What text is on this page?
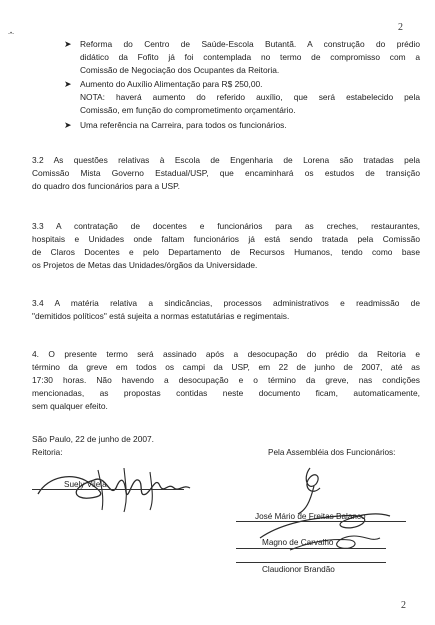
2
-•-
➤ Reforma do Centro de Saúde-Escola Butantã. A construção do prédio
didático da Fofito já foi contemplada no termo de compromisso com a
Comissão de Negociação dos Ocupantes da Reitoria.
➤ Aumento do Auxílio Alimentação para R$ 250,00.
NOTA: haverá aumento do referido auxílio, que será estabelecido pela
Comissão, em função do comprometimento orçamentário.
➤ Uma referência na Carreira, para todos os funcionários.
3.2 As questões relativas à Escola de Engenharia de Lorena são tratadas pela
Comissão Mista Governo Estadual/USP, que encaminhará os estudos de transição
do quadro dos funcionários para a USP.
3.3 A contratação de docentes e funcionários para as creches, restaurantes,
hospitais e Unidades onde faltam funcionários já está sendo tratada pela Comissão
de Claros Docentes e pelo Departamento de Recursos Humanos, tendo como base
os Projetos de Metas das Unidades/órgãos da Universidade.
3.4 A matéria relativa a sindicâncias, processos administrativos e readmissão de
"demitidos políticos" está sujeita a normas estatutárias e regimentais.
4. O presente termo será assinado após a desocupação do prédio da Reitoria e
término da greve em todos os campi da USP, em 22 de junho de 2007, até as
17:30 horas. Não havendo a desocupação e o término da greve, nas condições
mencionadas, as propostas contidas neste documento ficam, automaticamente,
sem qualquer efeito.
São Paulo, 22 de junho de 2007.
Reitoria:	Pela Assembléia dos Funcionários:
Suely Vilela
José Mário de Freitas Balanco
Magno de Carvalho
Claudionor Brandão
2
